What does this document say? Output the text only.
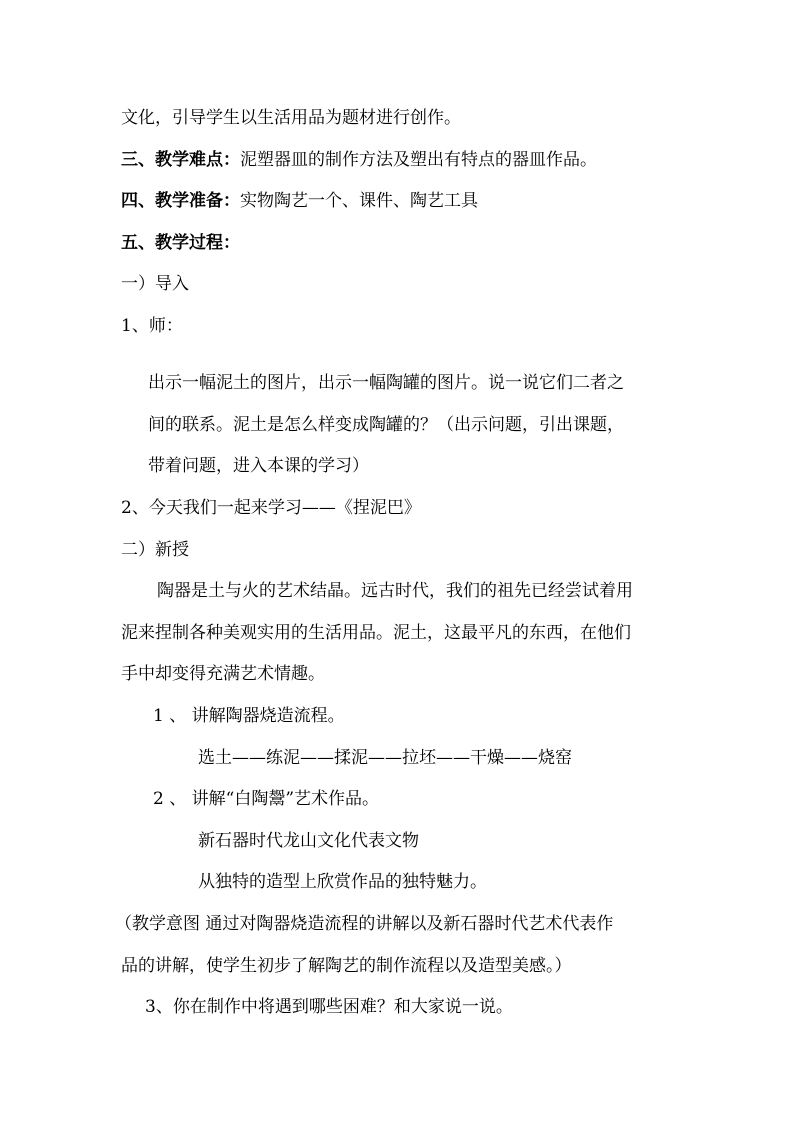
文化，引导学生以生活用品为题材进行创作。
三、教学难点：泥塑器皿的制作方法及塑出有特点的器皿作品。
四、教学准备：实物陶艺一个、课件、陶艺工具
五、教学过程：
一）导入
1、师：
出示一幅泥土的图片，出示一幅陶罐的图片。说一说它们二者之
间的联系。泥土是怎么样变成陶罐的？（出示问题，引出课题，
带着问题，进入本课的学习）
2、今天我们一起来学习——《捏泥巴》
二）新授
陶器是土与火的艺术结晶。远古时代，我们的祖先已经尝试着用
泥来捏制各种美观实用的生活用品。泥土，这最平凡的东西，在他们
手中却变得充满艺术情趣。
1 、 讲解陶器烧造流程。
选土——练泥——揉泥——拉坯——干燥——烧窑
2 、 讲解“白陶鬶”艺术作品。
新石器时代龙山文化代表文物
从独特的造型上欣赏作品的独特魅力。
（教学意图 通过对陶器烧造流程的讲解以及新石器时代艺术代表作
品的讲解，使学生初步了解陶艺的制作流程以及造型美感。）
3、你在制作中将遇到哪些困难？和大家说一说。
